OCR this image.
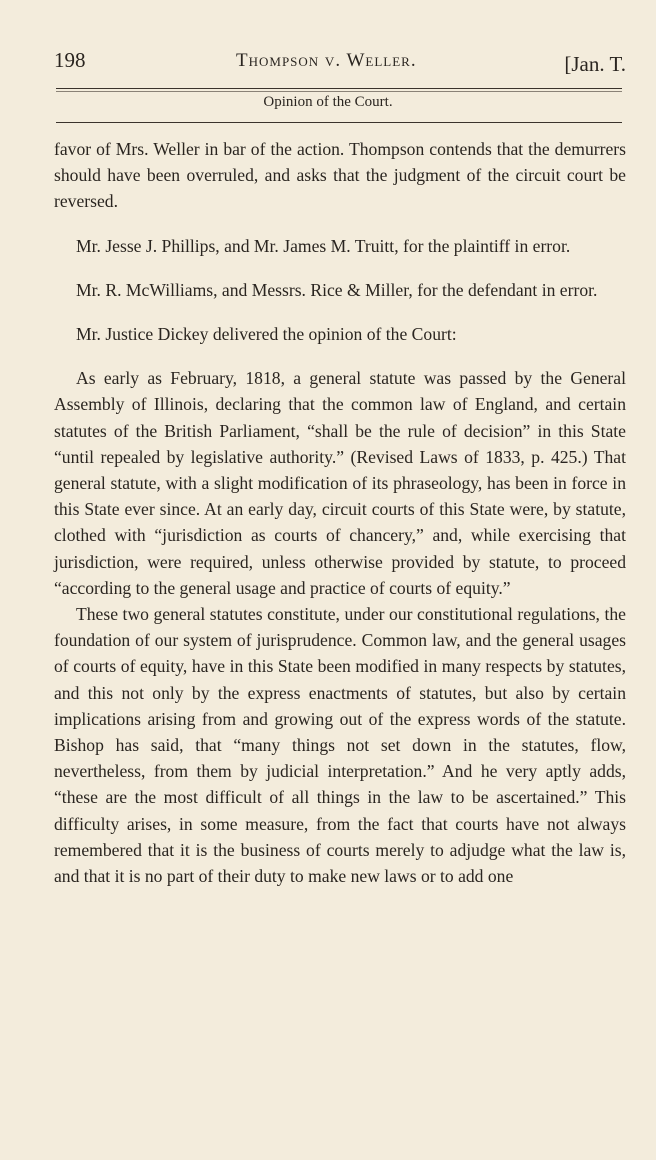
198	Thompson v. Weller.	[Jan. T.
Opinion of the Court.

favor of Mrs. Weller in bar of the action. Thompson contends that the demurrers should have been overruled, and asks that the judgment of the circuit court be reversed.

Mr. Jesse J. Phillips, and Mr. James M. Truitt, for the plaintiff in error.

Mr. R. McWilliams, and Messrs. Rice & Miller, for the defendant in error.

Mr. Justice Dickey delivered the opinion of the Court:

As early as February, 1818, a general statute was passed by the General Assembly of Illinois, declaring that the common law of England, and certain statutes of the British Parliament, “shall be the rule of decision” in this State “until repealed by legislative authority.” (Revised Laws of 1833, p. 425.) That general statute, with a slight modification of its phraseology, has been in force in this State ever since. At an early day, circuit courts of this State were, by statute, clothed with “jurisdiction as courts of chancery,” and, while exercising that jurisdiction, were required, unless otherwise provided by statute, to proceed “according to the general usage and practice of courts of equity.”

These two general statutes constitute, under our constitutional regulations, the foundation of our system of jurisprudence. Common law, and the general usages of courts of equity, have in this State been modified in many respects by statutes, and this not only by the express enactments of statutes, but also by certain implications arising from and growing out of the express words of the statute. Bishop has said, that “many things not set down in the statutes, flow, nevertheless, from them by judicial interpretation.” And he very aptly adds, “these are the most difficult of all things in the law to be ascertained.” This difficulty arises, in some measure, from the fact that courts have not always remembered that it is the business of courts merely to adjudge what the law is, and that it is no part of their duty to make new laws or to add one
